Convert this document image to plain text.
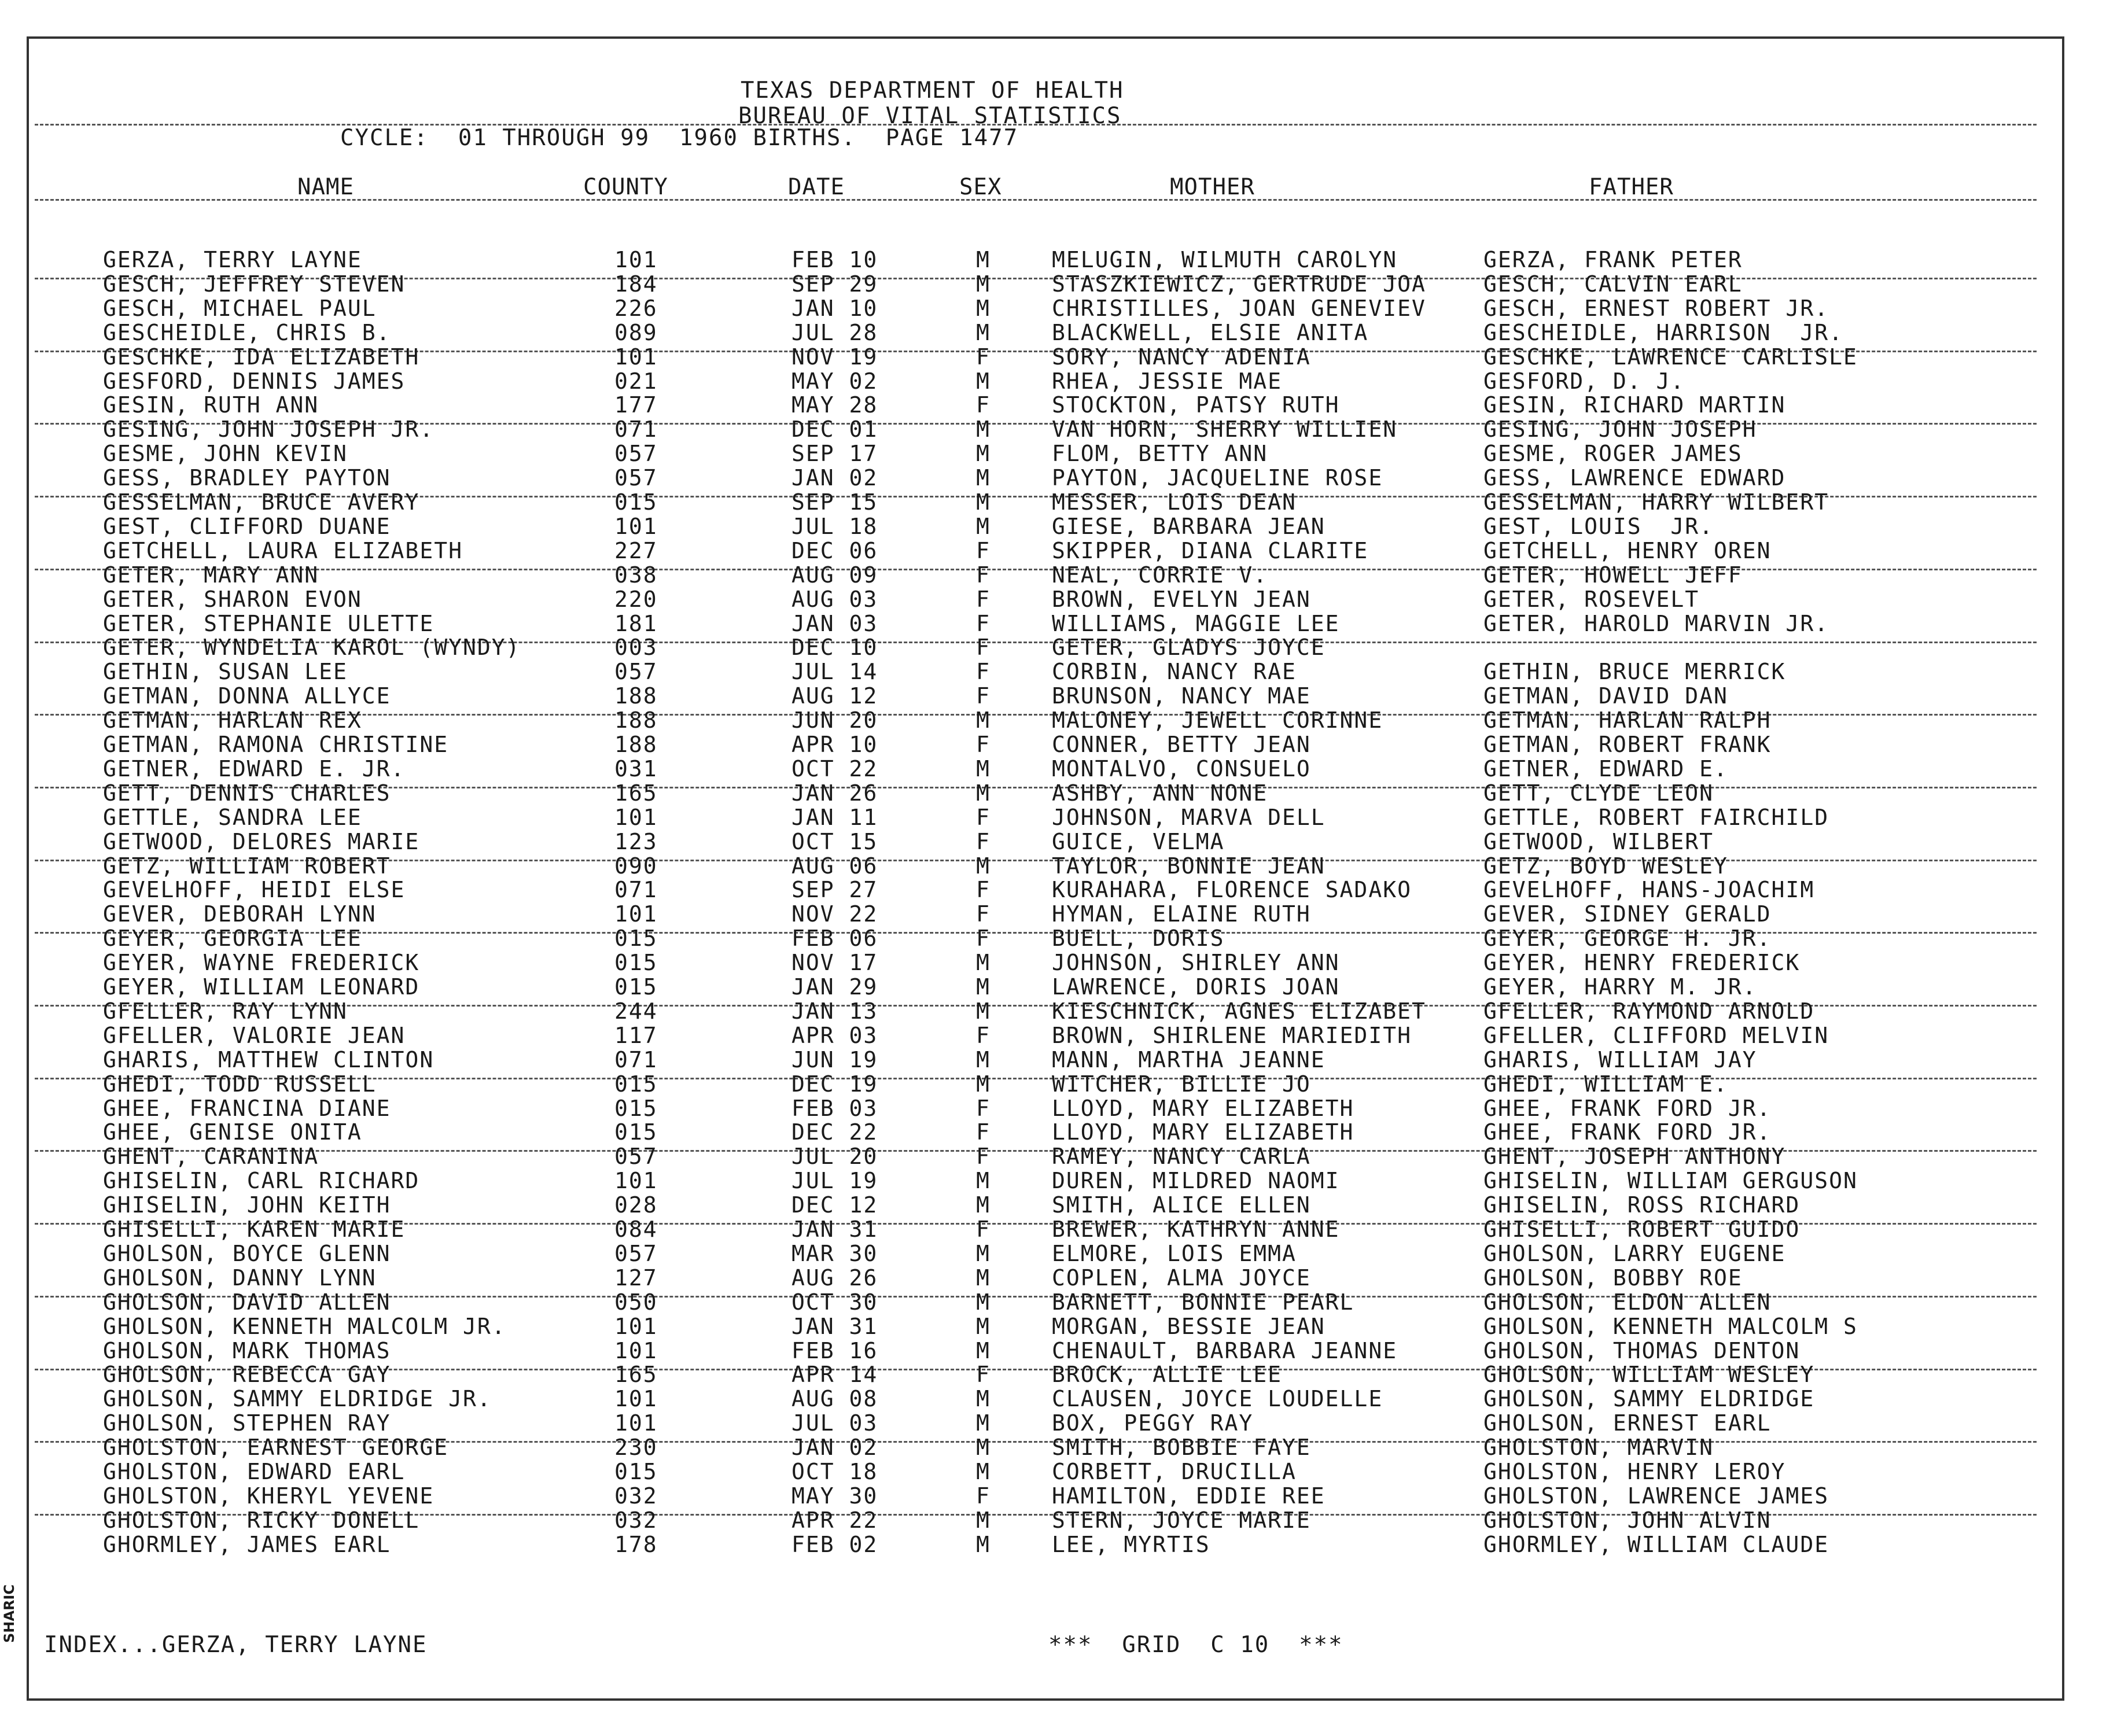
TEXAS DEPARTMENT OF HEALTH
BUREAU OF VITAL STATISTICS
CYCLE:  01 THROUGH 99  1960 BIRTHS.  PAGE 1477
NAME	COUNTY	DATE	SEX	MOTHER	FATHER
GERZA, TERRY LAYNE	101	FEB 10	M	MELUGIN, WILMUTH CAROLYN	GERZA, FRANK PETER
GESCH, JEFFREY STEVEN	184	SEP 29	M	STASZKIEWICZ, GERTRUDE JOA	GESCH, CALVIN EARL
GESCH, MICHAEL PAUL	226	JAN 10	M	CHRISTILLES, JOAN GENEVIEV	GESCH, ERNEST ROBERT JR.
GESCHEIDLE, CHRIS B.	089	JUL 28	M	BLACKWELL, ELSIE ANITA	GESCHEIDLE, HARRISON  JR.
GESCHKE, IDA ELIZABETH	101	NOV 19	F	SORY, NANCY ADENIA	GESCHKE, LAWRENCE CARLISLE
GESFORD, DENNIS JAMES	021	MAY 02	M	RHEA, JESSIE MAE	GESFORD, D. J.
GESIN, RUTH ANN	177	MAY 28	F	STOCKTON, PATSY RUTH	GESIN, RICHARD MARTIN
GESING, JOHN JOSEPH JR.	071	DEC 01	M	VAN HORN, SHERRY WILLIEN	GESING, JOHN JOSEPH
GESME, JOHN KEVIN	057	SEP 17	M	FLOM, BETTY ANN	GESME, ROGER JAMES
GESS, BRADLEY PAYTON	057	JAN 02	M	PAYTON, JACQUELINE ROSE	GESS, LAWRENCE EDWARD
GESSELMAN, BRUCE AVERY	015	SEP 15	M	MESSER, LOIS DEAN	GESSELMAN, HARRY WILBERT
GEST, CLIFFORD DUANE	101	JUL 18	M	GIESE, BARBARA JEAN	GEST, LOUIS  JR.
GETCHELL, LAURA ELIZABETH	227	DEC 06	F	SKIPPER, DIANA CLARITE	GETCHELL, HENRY OREN
GETER, MARY ANN	038	AUG 09	F	NEAL, CORRIE V.	GETER, HOWELL JEFF
GETER, SHARON EVON	220	AUG 03	F	BROWN, EVELYN JEAN	GETER, ROSEVELT
GETER, STEPHANIE ULETTE	181	JAN 03	F	WILLIAMS, MAGGIE LEE	GETER, HAROLD MARVIN JR.
GETER, WYNDELIA KAROL (WYNDY)	003	DEC 10	F	GETER, GLADYS JOYCE
GETHIN, SUSAN LEE	057	JUL 14	F	CORBIN, NANCY RAE	GETHIN, BRUCE MERRICK
GETMAN, DONNA ALLYCE	188	AUG 12	F	BRUNSON, NANCY MAE	GETMAN, DAVID DAN
GETMAN, HARLAN REX	188	JUN 20	M	MALONEY, JEWELL CORINNE	GETMAN, HARLAN RALPH
GETMAN, RAMONA CHRISTINE	188	APR 10	F	CONNER, BETTY JEAN	GETMAN, ROBERT FRANK
GETNER, EDWARD E. JR.	031	OCT 22	M	MONTALVO, CONSUELO	GETNER, EDWARD E.
GETT, DENNIS CHARLES	165	JAN 26	M	ASHBY, ANN NONE	GETT, CLYDE LEON
GETTLE, SANDRA LEE	101	JAN 11	F	JOHNSON, MARVA DELL	GETTLE, ROBERT FAIRCHILD
GETWOOD, DELORES MARIE	123	OCT 15	F	GUICE, VELMA	GETWOOD, WILBERT
GETZ, WILLIAM ROBERT	090	AUG 06	M	TAYLOR, BONNIE JEAN	GETZ, BOYD WESLEY
GEVELHOFF, HEIDI ELSE	071	SEP 27	F	KURAHARA, FLORENCE SADAKO	GEVELHOFF, HANS-JOACHIM
GEVER, DEBORAH LYNN	101	NOV 22	F	HYMAN, ELAINE RUTH	GEVER, SIDNEY GERALD
GEYER, GEORGIA LEE	015	FEB 06	F	BUELL, DORIS	GEYER, GEORGE H. JR.
GEYER, WAYNE FREDERICK	015	NOV 17	M	JOHNSON, SHIRLEY ANN	GEYER, HENRY FREDERICK
GEYER, WILLIAM LEONARD	015	JAN 29	M	LAWRENCE, DORIS JOAN	GEYER, HARRY M. JR.
GFELLER, RAY LYNN	244	JAN 13	M	KIESCHNICK, AGNES ELIZABET	GFELLER, RAYMOND ARNOLD
GFELLER, VALORIE JEAN	117	APR 03	F	BROWN, SHIRLENE MARIEDITH	GFELLER, CLIFFORD MELVIN
GHARIS, MATTHEW CLINTON	071	JUN 19	M	MANN, MARTHA JEANNE	GHARIS, WILLIAM JAY
GHEDI, TODD RUSSELL	015	DEC 19	M	WITCHER, BILLIE JO	GHEDI, WILLIAM E.
GHEE, FRANCINA DIANE	015	FEB 03	F	LLOYD, MARY ELIZABETH	GHEE, FRANK FORD JR.
GHEE, GENISE ONITA	015	DEC 22	F	LLOYD, MARY ELIZABETH	GHEE, FRANK FORD JR.
GHENT, CARANINA	057	JUL 20	F	RAMEY, NANCY CARLA	GHENT, JOSEPH ANTHONY
GHISELIN, CARL RICHARD	101	JUL 19	M	DUREN, MILDRED NAOMI	GHISELIN, WILLIAM GERGUSON
GHISELIN, JOHN KEITH	028	DEC 12	M	SMITH, ALICE ELLEN	GHISELIN, ROSS RICHARD
GHISELLI, KAREN MARIE	084	JAN 31	F	BREWER, KATHRYN ANNE	GHISELLI, ROBERT GUIDO
GHOLSON, BOYCE GLENN	057	MAR 30	M	ELMORE, LOIS EMMA	GHOLSON, LARRY EUGENE
GHOLSON, DANNY LYNN	127	AUG 26	M	COPLEN, ALMA JOYCE	GHOLSON, BOBBY ROE
GHOLSON, DAVID ALLEN	050	OCT 30	M	BARNETT, BONNIE PEARL	GHOLSON, ELDON ALLEN
GHOLSON, KENNETH MALCOLM JR.	101	JAN 31	M	MORGAN, BESSIE JEAN	GHOLSON, KENNETH MALCOLM S
GHOLSON, MARK THOMAS	101	FEB 16	M	CHENAULT, BARBARA JEANNE	GHOLSON, THOMAS DENTON
GHOLSON, REBECCA GAY	165	APR 14	F	BROCK, ALLIE LEE	GHOLSON, WILLIAM WESLEY
GHOLSON, SAMMY ELDRIDGE JR.	101	AUG 08	M	CLAUSEN, JOYCE LOUDELLE	GHOLSON, SAMMY ELDRIDGE
GHOLSON, STEPHEN RAY	101	JUL 03	M	BOX, PEGGY RAY	GHOLSON, ERNEST EARL
GHOLSTON, EARNEST GEORGE	230	JAN 02	M	SMITH, BOBBIE FAYE	GHOLSTON, MARVIN
GHOLSTON, EDWARD EARL	015	OCT 18	M	CORBETT, DRUCILLA	GHOLSTON, HENRY LEROY
GHOLSTON, KHERYL YEVENE	032	MAY 30	F	HAMILTON, EDDIE REE	GHOLSTON, LAWRENCE JAMES
GHOLSTON, RICKY DONELL	032	APR 22	M	STERN, JOYCE MARIE	GHOLSTON, JOHN ALVIN
GHORMLEY, JAMES EARL	178	FEB 02	M	LEE, MYRTIS	GHORMLEY, WILLIAM CLAUDE
INDEX...GERZA, TERRY LAYNE	***  GRID  C 10  ***
SHARIC
